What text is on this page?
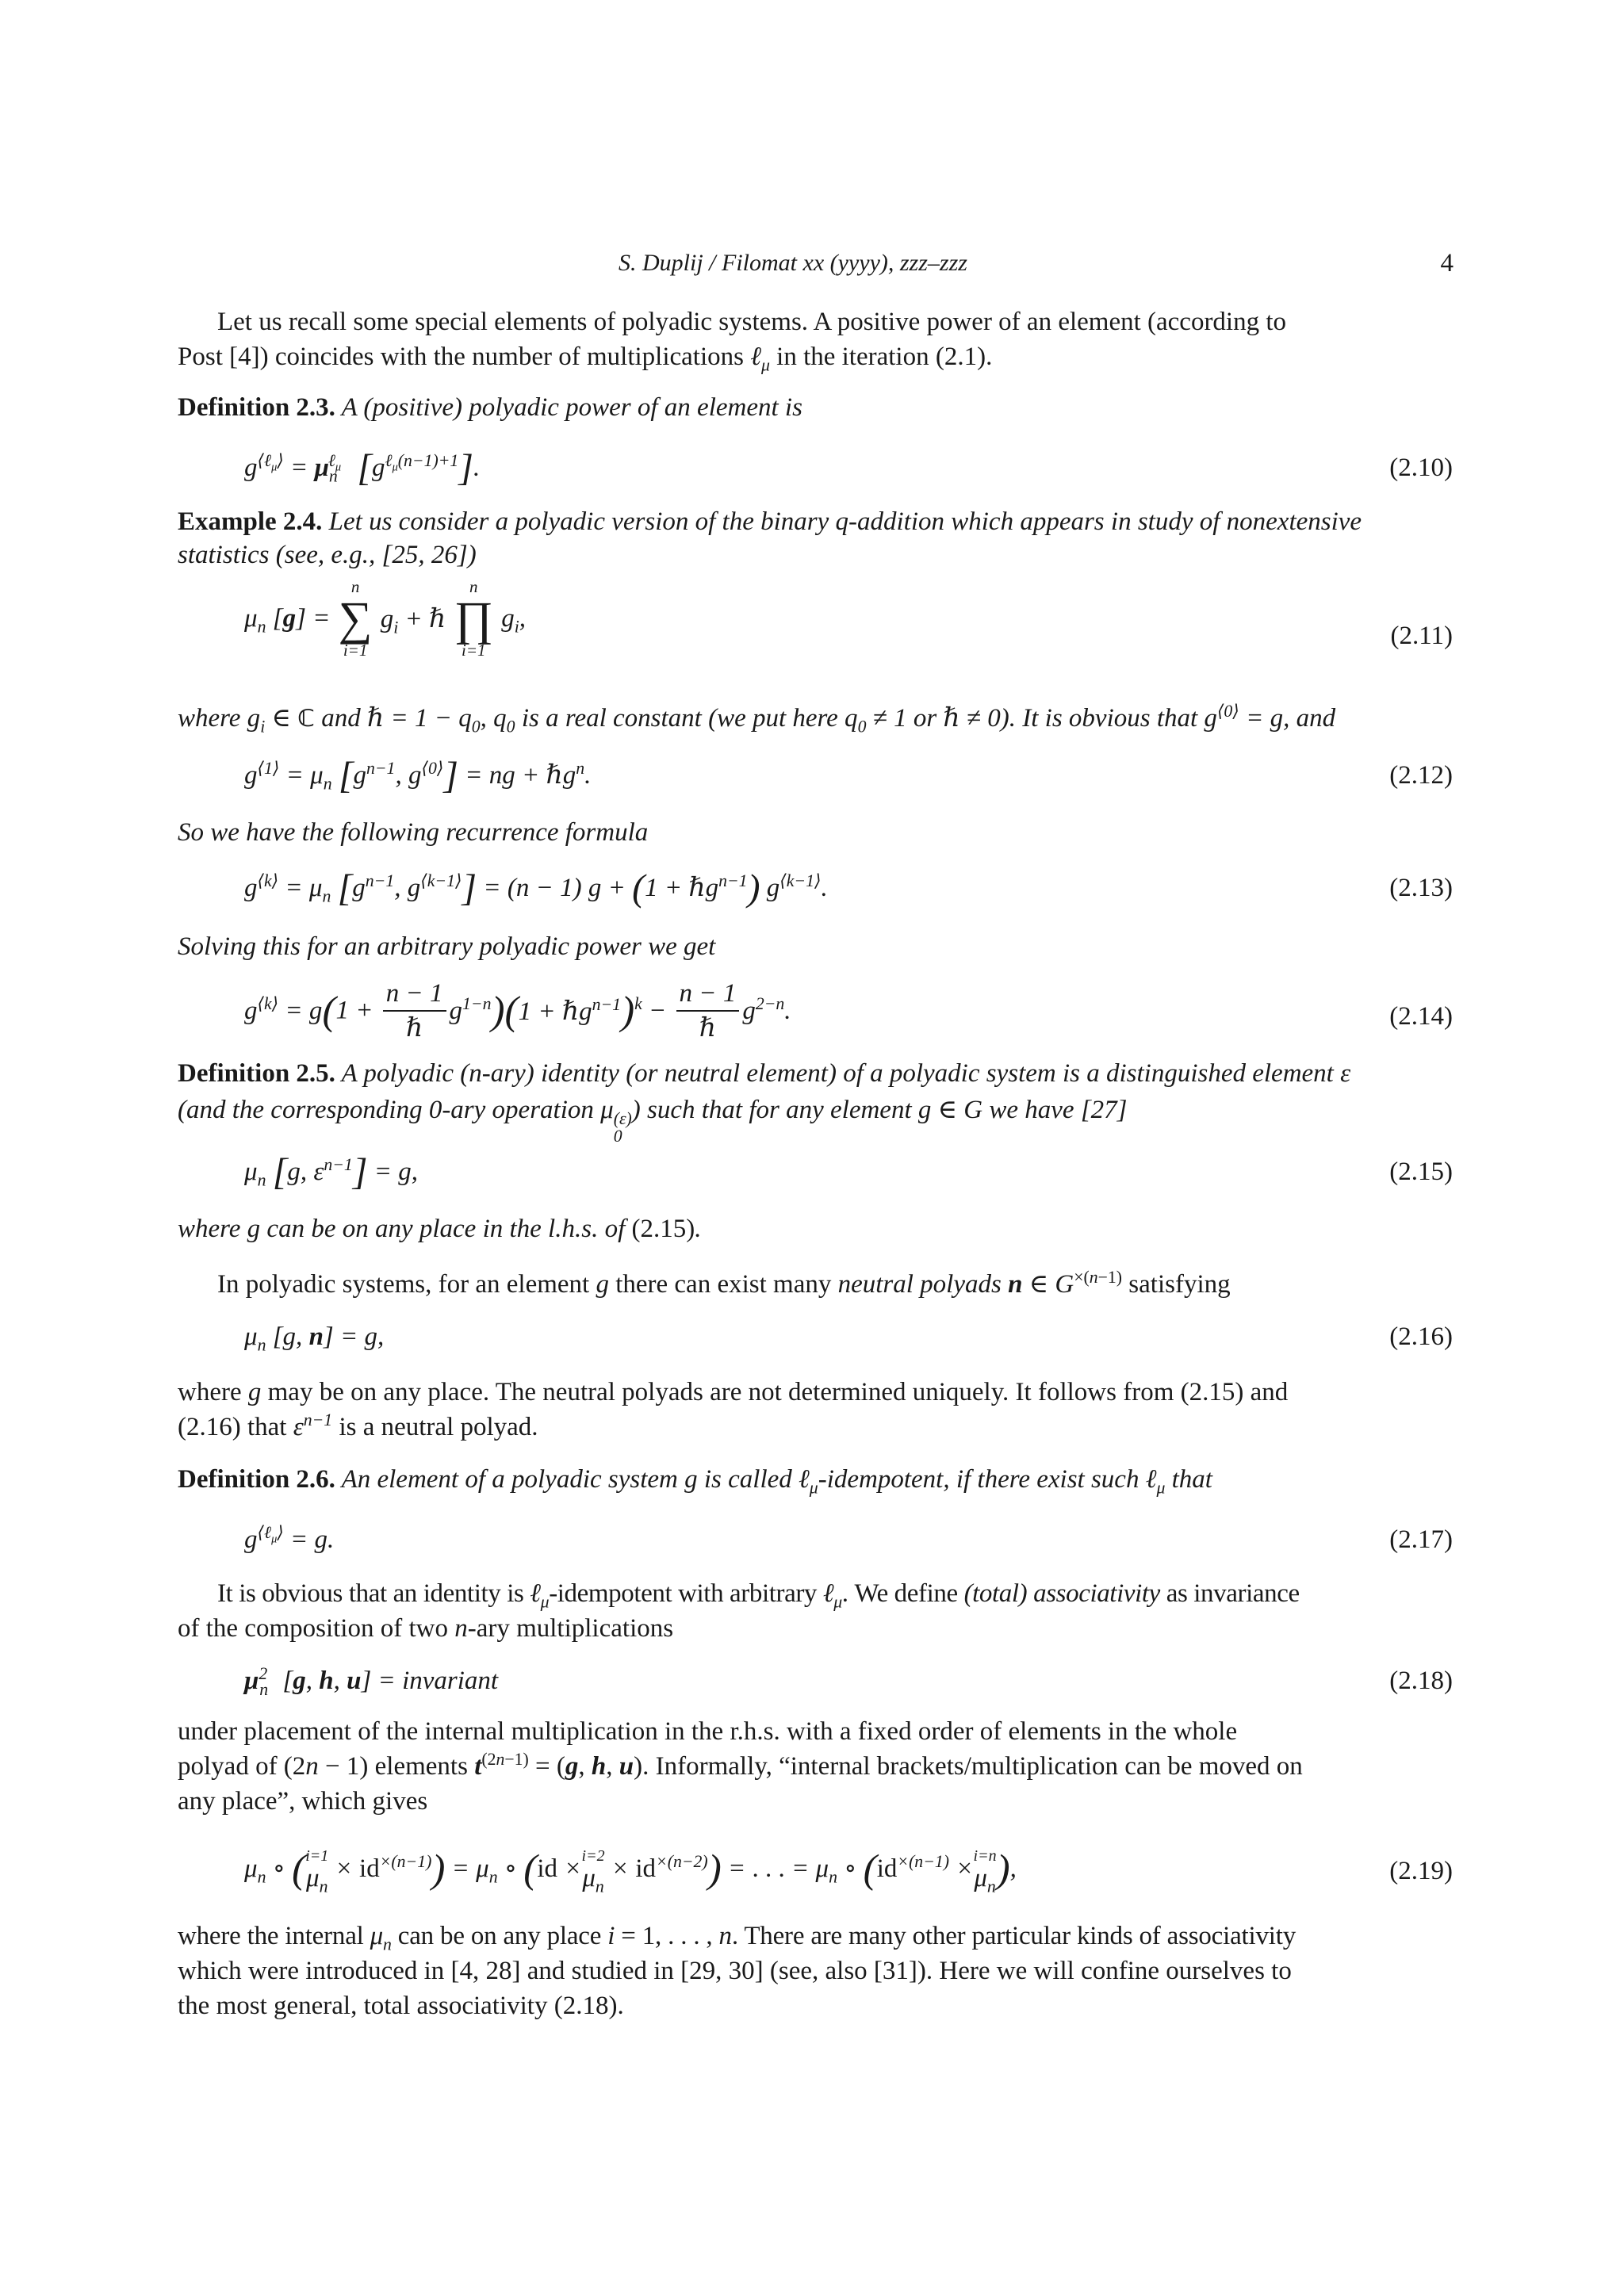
S. Duplij / Filomat xx (yyyy), zzz–zzz	4
Let us recall some special elements of polyadic systems. A positive power of an element (according to
Post [4]) coincides with the number of multiplications ℓ$_\mu$ in the iteration (2.1).
Definition 2.3. A (positive) polyadic power of an element is
$g^{⟨\ell_\mu⟩} = \mu_n^{\ell_\mu}$ $[g^{\ell_\mu(n-1)+1}]$.	(2.10)
Example 2.4. Let us consider a polyadic version of the binary q-addition which appears in study of nonextensive
statistics (see, e.g., [25, 26])
$\mu_n$ [g] =
n
∑
i=1
$g_i$ + ℏ
n
∏
i=1
$g_i$,
(2.11)
where $g_i$ ∈ ℂ and ℏ = $1 - q_0$, $q_0$ is a real constant (we put here $q_0 \ne 1$ or ℏ ≠ 0). It is obvious that $g^{⟨0⟩} = g$, and
$g^{⟨1⟩} = \mu_n$ [$g^{n-1}$, $g^{⟨0⟩}$] = ng + ℏg$^n$.	(2.12)
So we have the following recurrence formula
$g^{⟨k⟩} = \mu_n$ [$g^{n-1}$, $g^{⟨k-1⟩}] = (n - 1) g + (1$ + ℏg$^{n-1}$) $g^{⟨k-1⟩}$.	(2.13)
Solving this for an arbitrary polyadic power we get
$g^{⟨k⟩} = g(1 + \frac{n - 1}{\text{ℏ}} g^{1-n})(1$ + ℏg$^{n-1}$)$^k$ − $\frac{n - 1}{\text{ℏ}} g^{2-n}$.	(2.14)
Definition 2.5. A polyadic (n-ary) identity (or neutral element) of a polyadic system is a distinguished element ε
(and the corresponding 0-ary operation μ (ε)
0
) such that for any element g ∈ G we have [27]
$\mu_n$ [g, $\varepsilon^{n-1}] = g$,	(2.15)
where g can be on any place in the l.h.s. of (2.15).
In polyadic systems, for an element g there can exist many neutral polyads n ∈ $G^{\times(n-1)}$ satisfying
$\mu_n$ [g, n] = g,	(2.16)
where g may be on any place. The neutral polyads are not determined uniquely. It follows from (2.15) and
(2.16) that $\varepsilon^{n-1}$ is a neutral polyad.
Definition 2.6. An element of a polyadic system g is called ℓ$_\mu$-idempotent, if there exist such ℓ$_\mu$ that
$g^{⟨\ell_\mu⟩} = g$.	(2.17)
It is obvious that an identity is ℓ$_\mu$-idempotent with arbitrary ℓ$_\mu$. We define (total) associativity as invariance
of the composition of two n-ary multiplications
$\mu^2_n$ [g, h, u] = invariant	(2.18)
under placement of the internal multiplication in the r.h.s. with a fixed order of elements in the whole
polyad of (2n − 1) elements $t^{(2n-1)} = (g$, h, u). Informally, “internal brackets/multiplication can be moved on
any place”, which gives
$\mu_n$ ∘ ( i=1
$\mu_n$
× $id^{\times(n-1)}) = \mu_n$ ∘ (id × i=2
$\mu_n$
× $id^{\times(n-2)}$) = . . . = $\mu_n$ ∘ ($id^{\times(n-1)} \times i=n$
$\mu_n$ ),	(2.19)
where the internal $\mu_n$ can be on any place i = 1, . . . , n. There are many other particular kinds of associativity
which were introduced in [4, 28] and studied in [29, 30] (see, also [31]). Here we will confine ourselves to
the most general, total associativity (2.18).
